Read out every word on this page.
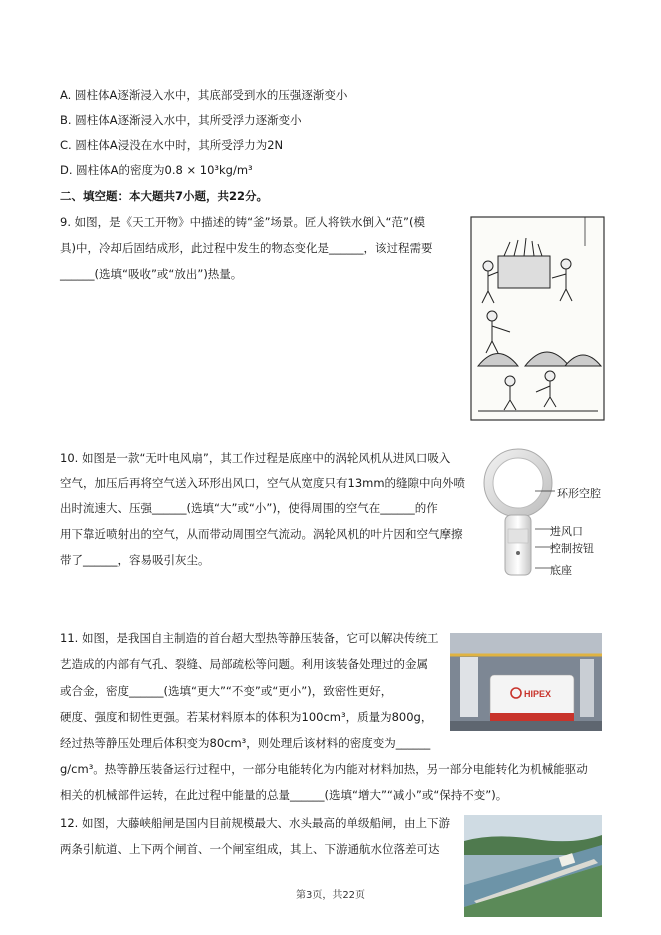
A. 圆柱体A逐渐浸入水中，其底部受到水的压强逐渐变小
B. 圆柱体A逐渐浸入水中，其所受浮力逐渐变小
C. 圆柱体A浸没在水中时，其所受浮力为2N
D. 圆柱体A的密度为0.8 × 10³kg/m³
二、填空题：本大题共7小题，共22分。
9. 如图，是《天工开物》中描述的铸“釜”场景。匠人将铁水倒入“范”(模
具)中，冷却后固结成形，此过程中发生的物态变化是______，该过程需要
______(选填“吸收”或“放出”)热量。
10. 如图是一款“无叶电风扇”，其工作过程是底座中的涡轮风机从进风口吸入
空气，加压后再将空气送入环形出风口，空气从宽度只有13mm的缝隙中向外喷
出时流速大、压强______(选填“大”或“小”)，使得周围的空气在______的作
用下靠近喷射出的空气，从而带动周围空气流动。涡轮风机的叶片因和空气摩擦
带了______，容易吸引灰尘。
环形空腔
进风口
控制按钮
底座
11. 如图，是我国自主制造的首台超大型热等静压装备，它可以解决传统工
艺造成的内部有气孔、裂缝、局部疏松等问题。利用该装备处理过的金属
或合金，密度______(选填“更大”“不变”或“更小”)，致密性更好，
硬度、强度和韧性更强。若某材料原本的体积为100cm³，质量为800g，
经过热等静压处理后体积变为80cm³，则处理后该材料的密度变为______
g/cm³。热等静压装备运行过程中，一部分电能转化为内能对材料加热，另一部分电能转化为机械能驱动
相关的机械部件运转，在此过程中能量的总量______(选填“增大”“减小”或“保持不变”)。
HIPEX
12. 如图，大藤峡船闸是国内目前规模最大、水头最高的单级船闸，由上下游
两条引航道、上下两个闸首、一个闸室组成，其上、下游通航水位落差可达
第3页，共22页
